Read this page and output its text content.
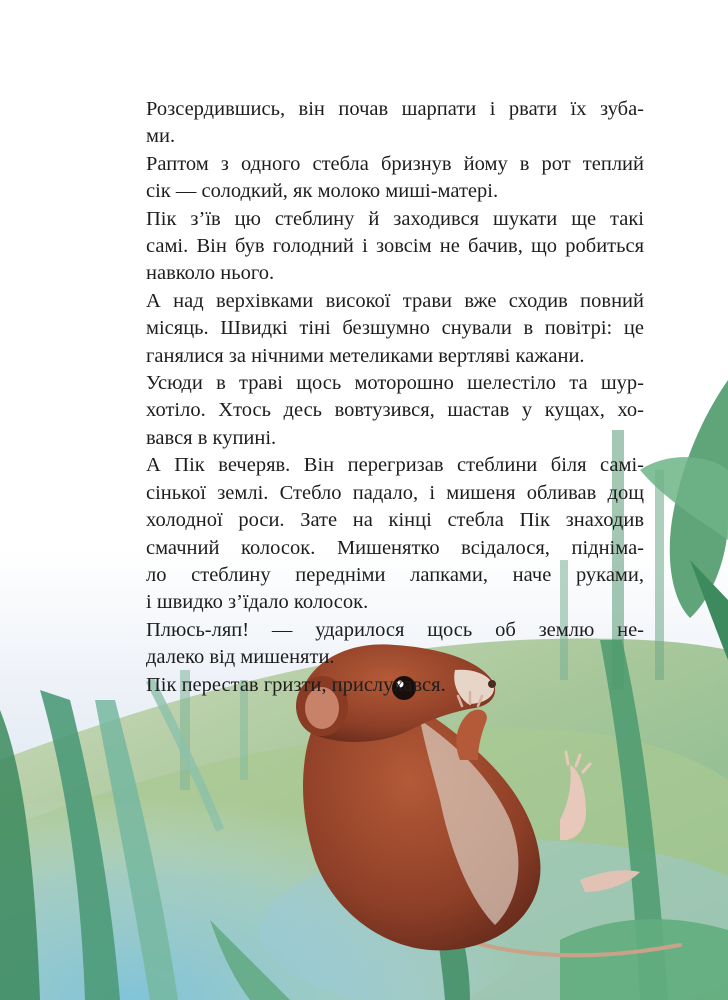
Розсердившись, він почав шарпати і рвати їх зуба-
ми.

Раптом з одного стебла бризнув йому в рот теплий
сік — солодкий, як молоко миші-матері.

Пік з’їв цю стеблину й заходився шукати ще такі
самі. Він був голодний і зовсім не бачив, що робиться
навколо нього.

А над верхівками високої трави вже сходив повний
місяць. Швидкі тіні безшумно снували в повітрі: це
ганялися за нічними метеликами вертляві кажани.

Усюди в траві щось моторошно шелестіло та шур-
хотіло. Хтось десь вовтузився, шастав у кущах, хо-
вався в купині.

А Пік вечеряв. Він перегризав стеблини біля самі-
сінької землі. Стебло падало, і мишеня обливав дощ
холодної роси. Зате на кінці стебла Пік знаходив
смачний колосок. Мишенятко всідалося, підніма-
ло стеблину передніми лапками, наче руками,
і швидко з’їдало колосок.

Плюсь-ляп! — ударилося щось об землю не-
далеко від мишеняти.

Пік перестав гризти, прислухався.
